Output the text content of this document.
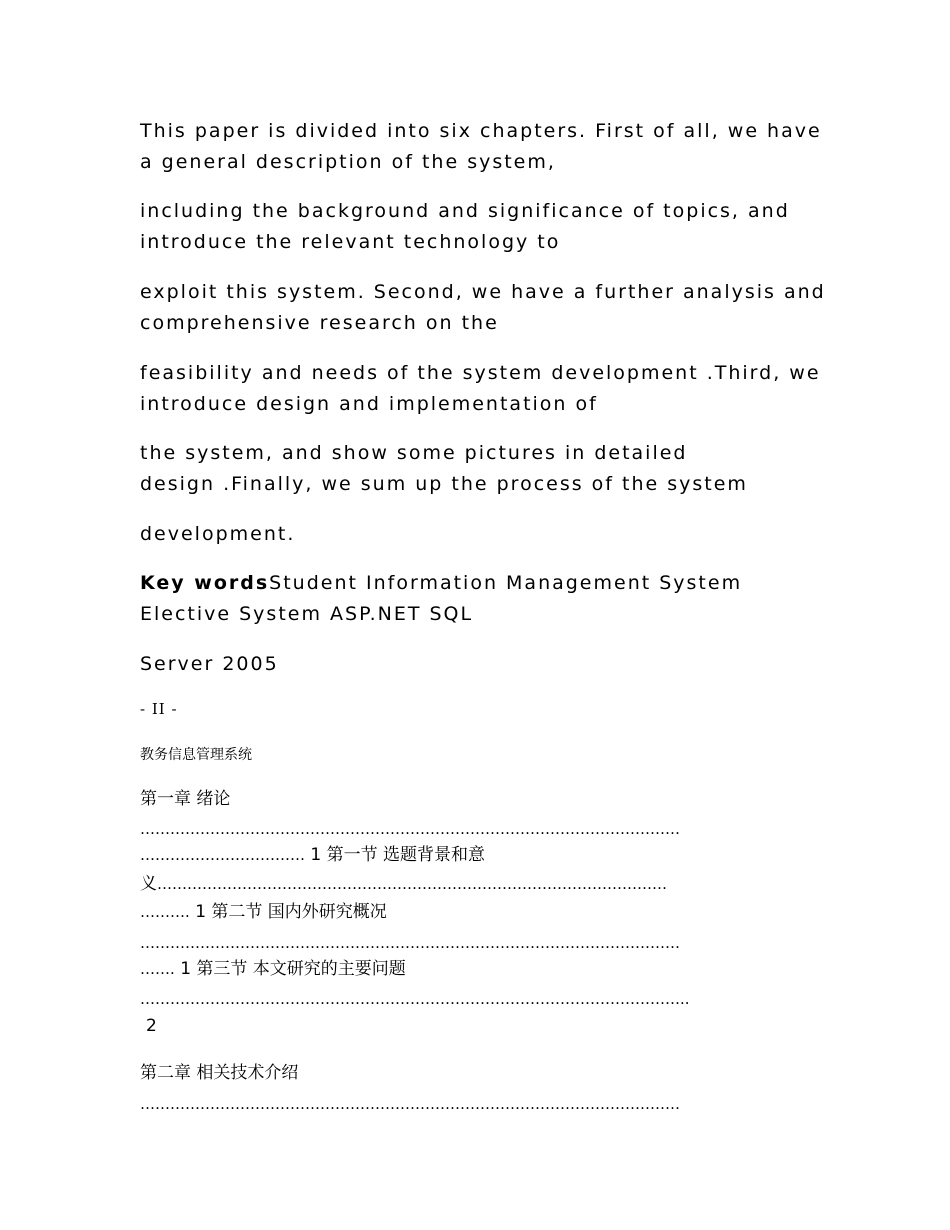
This paper is divided into six chapters. First of all, we have
a general description of the system,
including the background and significance of topics, and
introduce the relevant technology to
exploit this system. Second, we have a further analysis and
comprehensive research on the
feasibility and needs of the system development .Third, we
introduce design and implementation of
the system, and show some pictures in detailed
design .Finally, we sum up the process of the system
development.
Key wordsStudent Information Management System
Elective System ASP.NET SQL
Server 2005
- II -
教务信息管理系统
第一章 绪论
………………………………………………………………………………………………
…………………………… 1 第一节 选题背景和意
义…………………………………………………………………………………………
………. 1 第二节 国内外研究概况
………………………………………………………………………………………………
……. 1 第三节 本文研究的主要问题
………………………………………………………………………………………………..
2
第二章 相关技术介绍
………………………………………………………………………………………………
